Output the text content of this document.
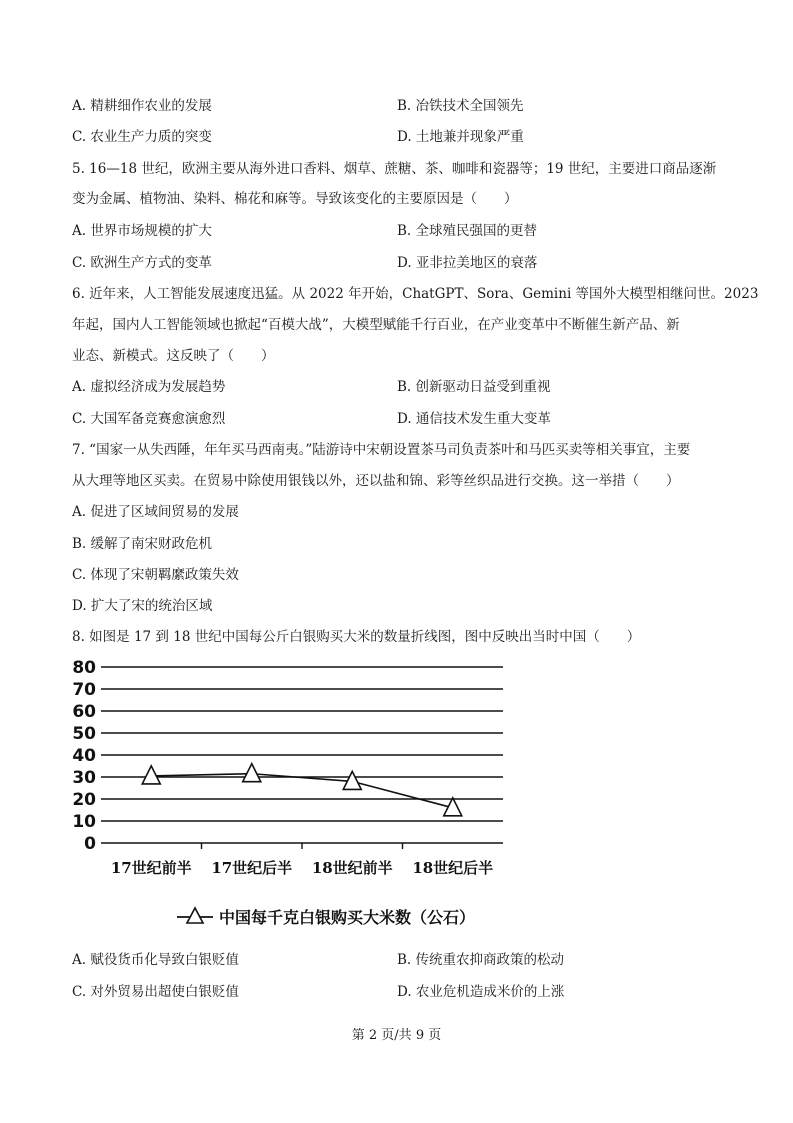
A. 精耕细作农业的发展	B. 冶铁技术全国领先
C. 农业生产力质的突变	D. 土地兼并现象严重
5. 16—18 世纪，欧洲主要从海外进口香料、烟草、蔗糖、茶、咖啡和瓷器等；19 世纪，主要进口商品逐渐
变为金属、植物油、染料、棉花和麻等。导致该变化的主要原因是（　　）
A. 世界市场规模的扩大	B. 全球殖民强国的更替
C. 欧洲生产方式的变革	D. 亚非拉美地区的衰落
6. 近年来，人工智能发展速度迅猛。从 2022 年开始，ChatGPT、Sora、Gemini 等国外大模型相继问世。2023
年起，国内人工智能领域也掀起“百模大战”，大模型赋能千行百业，在产业变革中不断催生新产品、新
业态、新模式。这反映了（　　）
A. 虚拟经济成为发展趋势	B. 创新驱动日益受到重视
C. 大国军备竞赛愈演愈烈	D. 通信技术发生重大变革
7. “国家一从失西陲，年年买马西南夷。”陆游诗中宋朝设置茶马司负责茶叶和马匹买卖等相关事宜，主要
从大理等地区买卖。在贸易中除使用银钱以外，还以盐和锦、彩等丝织品进行交换。这一举措（　　）
A. 促进了区域间贸易的发展
B. 缓解了南宋财政危机
C. 体现了宋朝羁縻政策失效
D. 扩大了宋的统治区域
8. 如图是 17 到 18 世纪中国每公斤白银购买大米的数量折线图，图中反映出当时中国（　　）
0
10
20
30
40
50
60
70
80
17世纪前半 17世纪后半 18世纪前半 18世纪后半
中国每千克白银购买大米数（公石）
A. 赋役货币化导致白银贬值	B. 传统重农抑商政策的松动
C. 对外贸易出超使白银贬值	D. 农业危机造成米价的上涨
第 2 页/共 9 页
